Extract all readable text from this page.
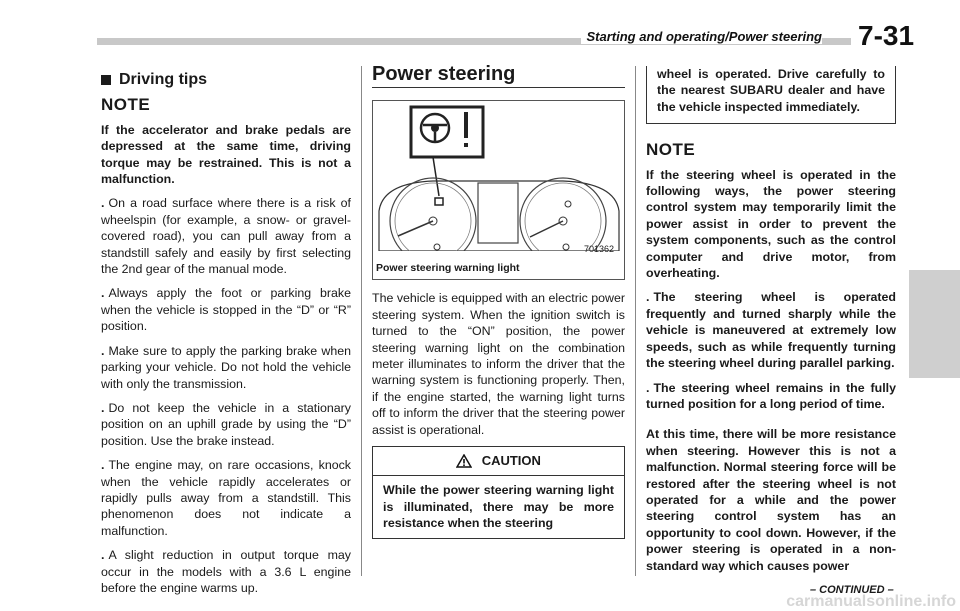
Starting and operating/Power steering 7-31
Driving tips
NOTE

If the accelerator and brake pedals are depressed at the same time, driving torque may be restrained. This is not a malfunction.

. On a road surface where there is a risk of wheelspin (for example, a snow- or gravel-covered road), you can pull away from a standstill safely and easily by first selecting the 2nd gear of the manual mode.

. Always apply the foot or parking brake when the vehicle is stopped in the “D” or “R” position.

. Make sure to apply the parking brake when parking your vehicle. Do not hold the vehicle with only the transmission.

. Do not keep the vehicle in a stationary position on an uphill grade by using the “D” position. Use the brake instead.

. The engine may, on rare occasions, knock when the vehicle rapidly accelerates or rapidly pulls away from a standstill. This phenomenon does not indicate a malfunction.

. A slight reduction in output torque may occur in the models with a 3.6 L engine before the engine warms up.

Power steering
701362
Power steering warning light

The vehicle is equipped with an electric power steering system. When the ignition switch is turned to the “ON” position, the power steering warning light on the combination meter illuminates to inform the driver that the warning system is functioning properly. Then, if the engine started, the warning light turns off to inform the driver that the steering power assist is operational.

CAUTION
While the power steering warning light is illuminated, there may be more resistance when the steering
wheel is operated. Drive carefully to the nearest SUBARU dealer and have the vehicle inspected immediately.
NOTE

If the steering wheel is operated in the following ways, the power steering control system may temporarily limit the power assist in order to prevent the system components, such as the control computer and drive motor, from overheating.

. The steering wheel is operated frequently and turned sharply while the vehicle is maneuvered at extremely low speeds, such as while frequently turning the steering wheel during parallel parking.

. The steering wheel remains in the fully turned position for a long period of time.

At this time, there will be more resistance when steering. However this is not a malfunction. Normal steering force will be restored after the steering wheel is not operated for a while and the power steering control system has an opportunity to cool down. However, if the power steering is operated in a non-standard way which causes power

– CONTINUED –
carmanualsonline.info
